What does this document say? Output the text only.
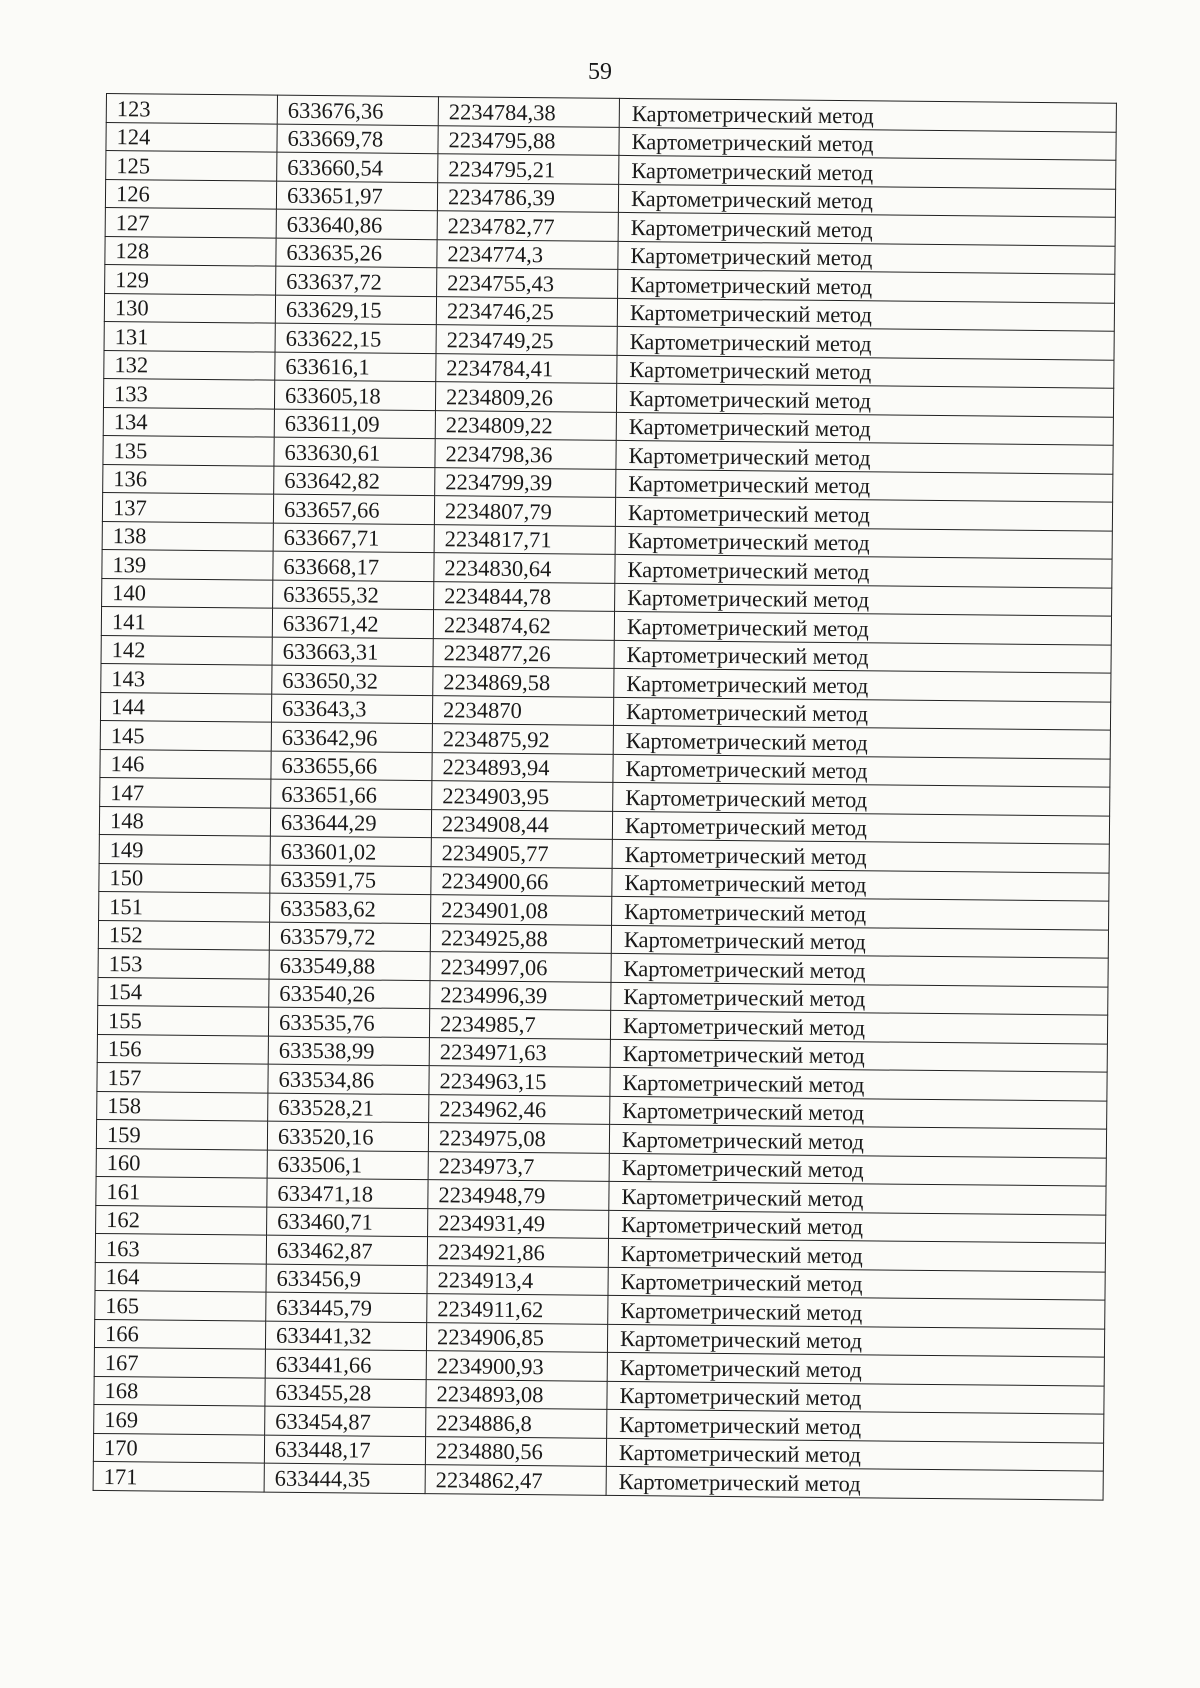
59
123	633676,36	2234784,38	Картометрический метод
124	633669,78	2234795,88	Картометрический метод
125	633660,54	2234795,21	Картометрический метод
126	633651,97	2234786,39	Картометрический метод
127	633640,86	2234782,77	Картометрический метод
128	633635,26	2234774,3	Картометрический метод
129	633637,72	2234755,43	Картометрический метод
130	633629,15	2234746,25	Картометрический метод
131	633622,15	2234749,25	Картометрический метод
132	633616,1	2234784,41	Картометрический метод
133	633605,18	2234809,26	Картометрический метод
134	633611,09	2234809,22	Картометрический метод
135	633630,61	2234798,36	Картометрический метод
136	633642,82	2234799,39	Картометрический метод
137	633657,66	2234807,79	Картометрический метод
138	633667,71	2234817,71	Картометрический метод
139	633668,17	2234830,64	Картометрический метод
140	633655,32	2234844,78	Картометрический метод
141	633671,42	2234874,62	Картометрический метод
142	633663,31	2234877,26	Картометрический метод
143	633650,32	2234869,58	Картометрический метод
144	633643,3	2234870	Картометрический метод
145	633642,96	2234875,92	Картометрический метод
146	633655,66	2234893,94	Картометрический метод
147	633651,66	2234903,95	Картометрический метод
148	633644,29	2234908,44	Картометрический метод
149	633601,02	2234905,77	Картометрический метод
150	633591,75	2234900,66	Картометрический метод
151	633583,62	2234901,08	Картометрический метод
152	633579,72	2234925,88	Картометрический метод
153	633549,88	2234997,06	Картометрический метод
154	633540,26	2234996,39	Картометрический метод
155	633535,76	2234985,7	Картометрический метод
156	633538,99	2234971,63	Картометрический метод
157	633534,86	2234963,15	Картометрический метод
158	633528,21	2234962,46	Картометрический метод
159	633520,16	2234975,08	Картометрический метод
160	633506,1	2234973,7	Картометрический метод
161	633471,18	2234948,79	Картометрический метод
162	633460,71	2234931,49	Картометрический метод
163	633462,87	2234921,86	Картометрический метод
164	633456,9	2234913,4	Картометрический метод
165	633445,79	2234911,62	Картометрический метод
166	633441,32	2234906,85	Картометрический метод
167	633441,66	2234900,93	Картометрический метод
168	633455,28	2234893,08	Картометрический метод
169	633454,87	2234886,8	Картометрический метод
170	633448,17	2234880,56	Картометрический метод
171	633444,35	2234862,47	Картометрический метод
